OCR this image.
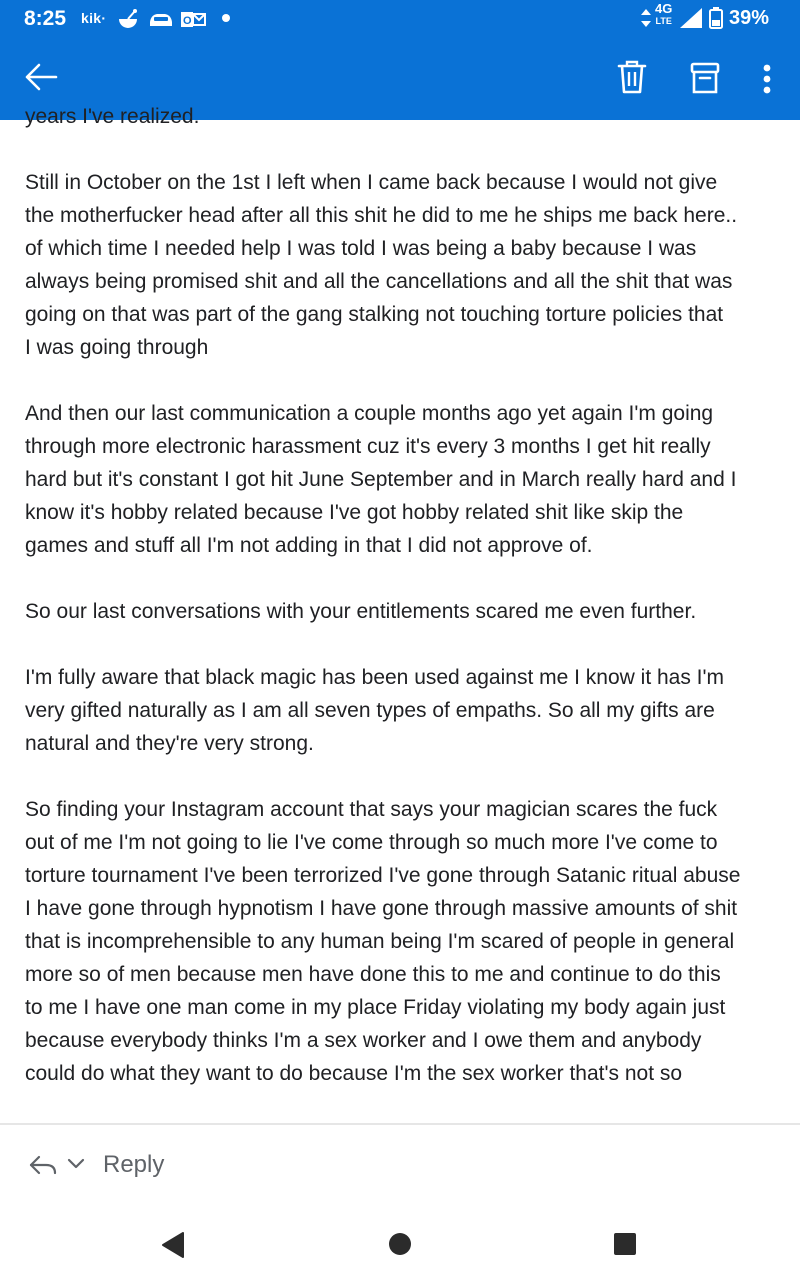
8:25 kik·	O
4G
LTE	39%

years I've realized.

Still in October on the 1st I left when I came back because I would not give
the motherfucker head after all this shit he did to me he ships me back here..
of which time I needed help I was told I was being a baby because I was
always being promised shit and all the cancellations and all the shit that was
going on that was part of the gang stalking not touching torture policies that
I was going through

And then our last communication a couple months ago yet again I'm going
through more electronic harassment cuz it's every 3 months I get hit really
hard but it's constant I got hit June September and in March really hard and I
know it's hobby related because I've got hobby related shit like skip the
games and stuff all I'm not adding in that I did not approve of.

So our last conversations with your entitlements scared me even further.

I'm fully aware that black magic has been used against me I know it has I'm
very gifted naturally as I am all seven types of empaths. So all my gifts are
natural and they're very strong.

So finding your Instagram account that says your magician scares the fuck
out of me I'm not going to lie I've come through so much more I've come to
torture tournament I've been terrorized I've gone through Satanic ritual abuse
I have gone through hypnotism I have gone through massive amounts of shit
that is incomprehensible to any human being I'm scared of people in general
more so of men because men have done this to me and continue to do this
to me I have one man come in my place Friday violating my body again just
because everybody thinks I'm a sex worker and I owe them and anybody
could do what they want to do because I'm the sex worker that's not so

Reply
